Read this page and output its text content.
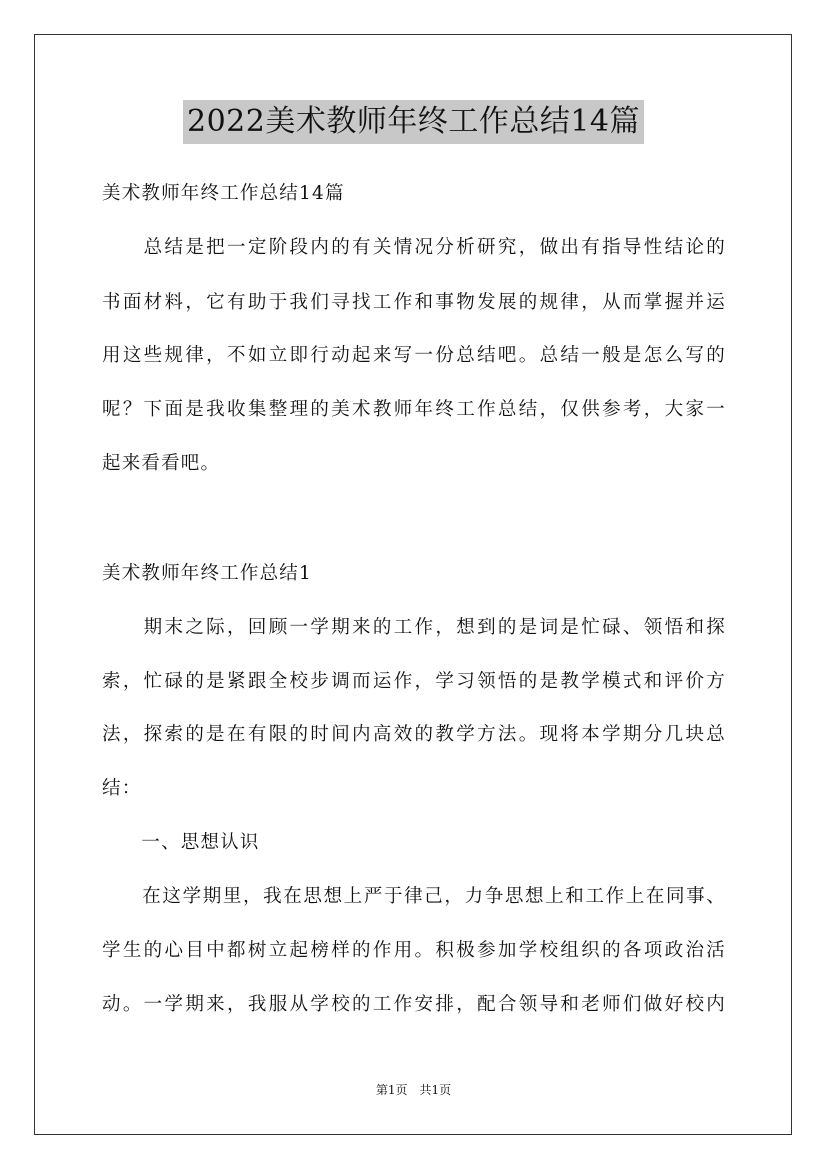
2022美术教师年终工作总结14篇
美术教师年终工作总结14篇
　　总结是把一定阶段内的有关情况分析研究，做出有指导性结论的
书面材料，它有助于我们寻找工作和事物发展的规律，从而掌握并运
用这些规律，不如立即行动起来写一份总结吧。总结一般是怎么写的
呢？下面是我收集整理的美术教师年终工作总结，仅供参考，大家一
起来看看吧。
美术教师年终工作总结1
　　期末之际，回顾一学期来的工作，想到的是词是忙碌、领悟和探
索，忙碌的是紧跟全校步调而运作，学习领悟的是教学模式和评价方
法，探索的是在有限的时间内高效的教学方法。现将本学期分几块总
结：
　　一、思想认识
　　在这学期里，我在思想上严于律己，力争思想上和工作上在同事、
学生的心目中都树立起榜样的作用。积极参加学校组织的各项政治活
动。一学期来，我服从学校的工作安排，配合领导和老师们做好校内
第1页　共1页
